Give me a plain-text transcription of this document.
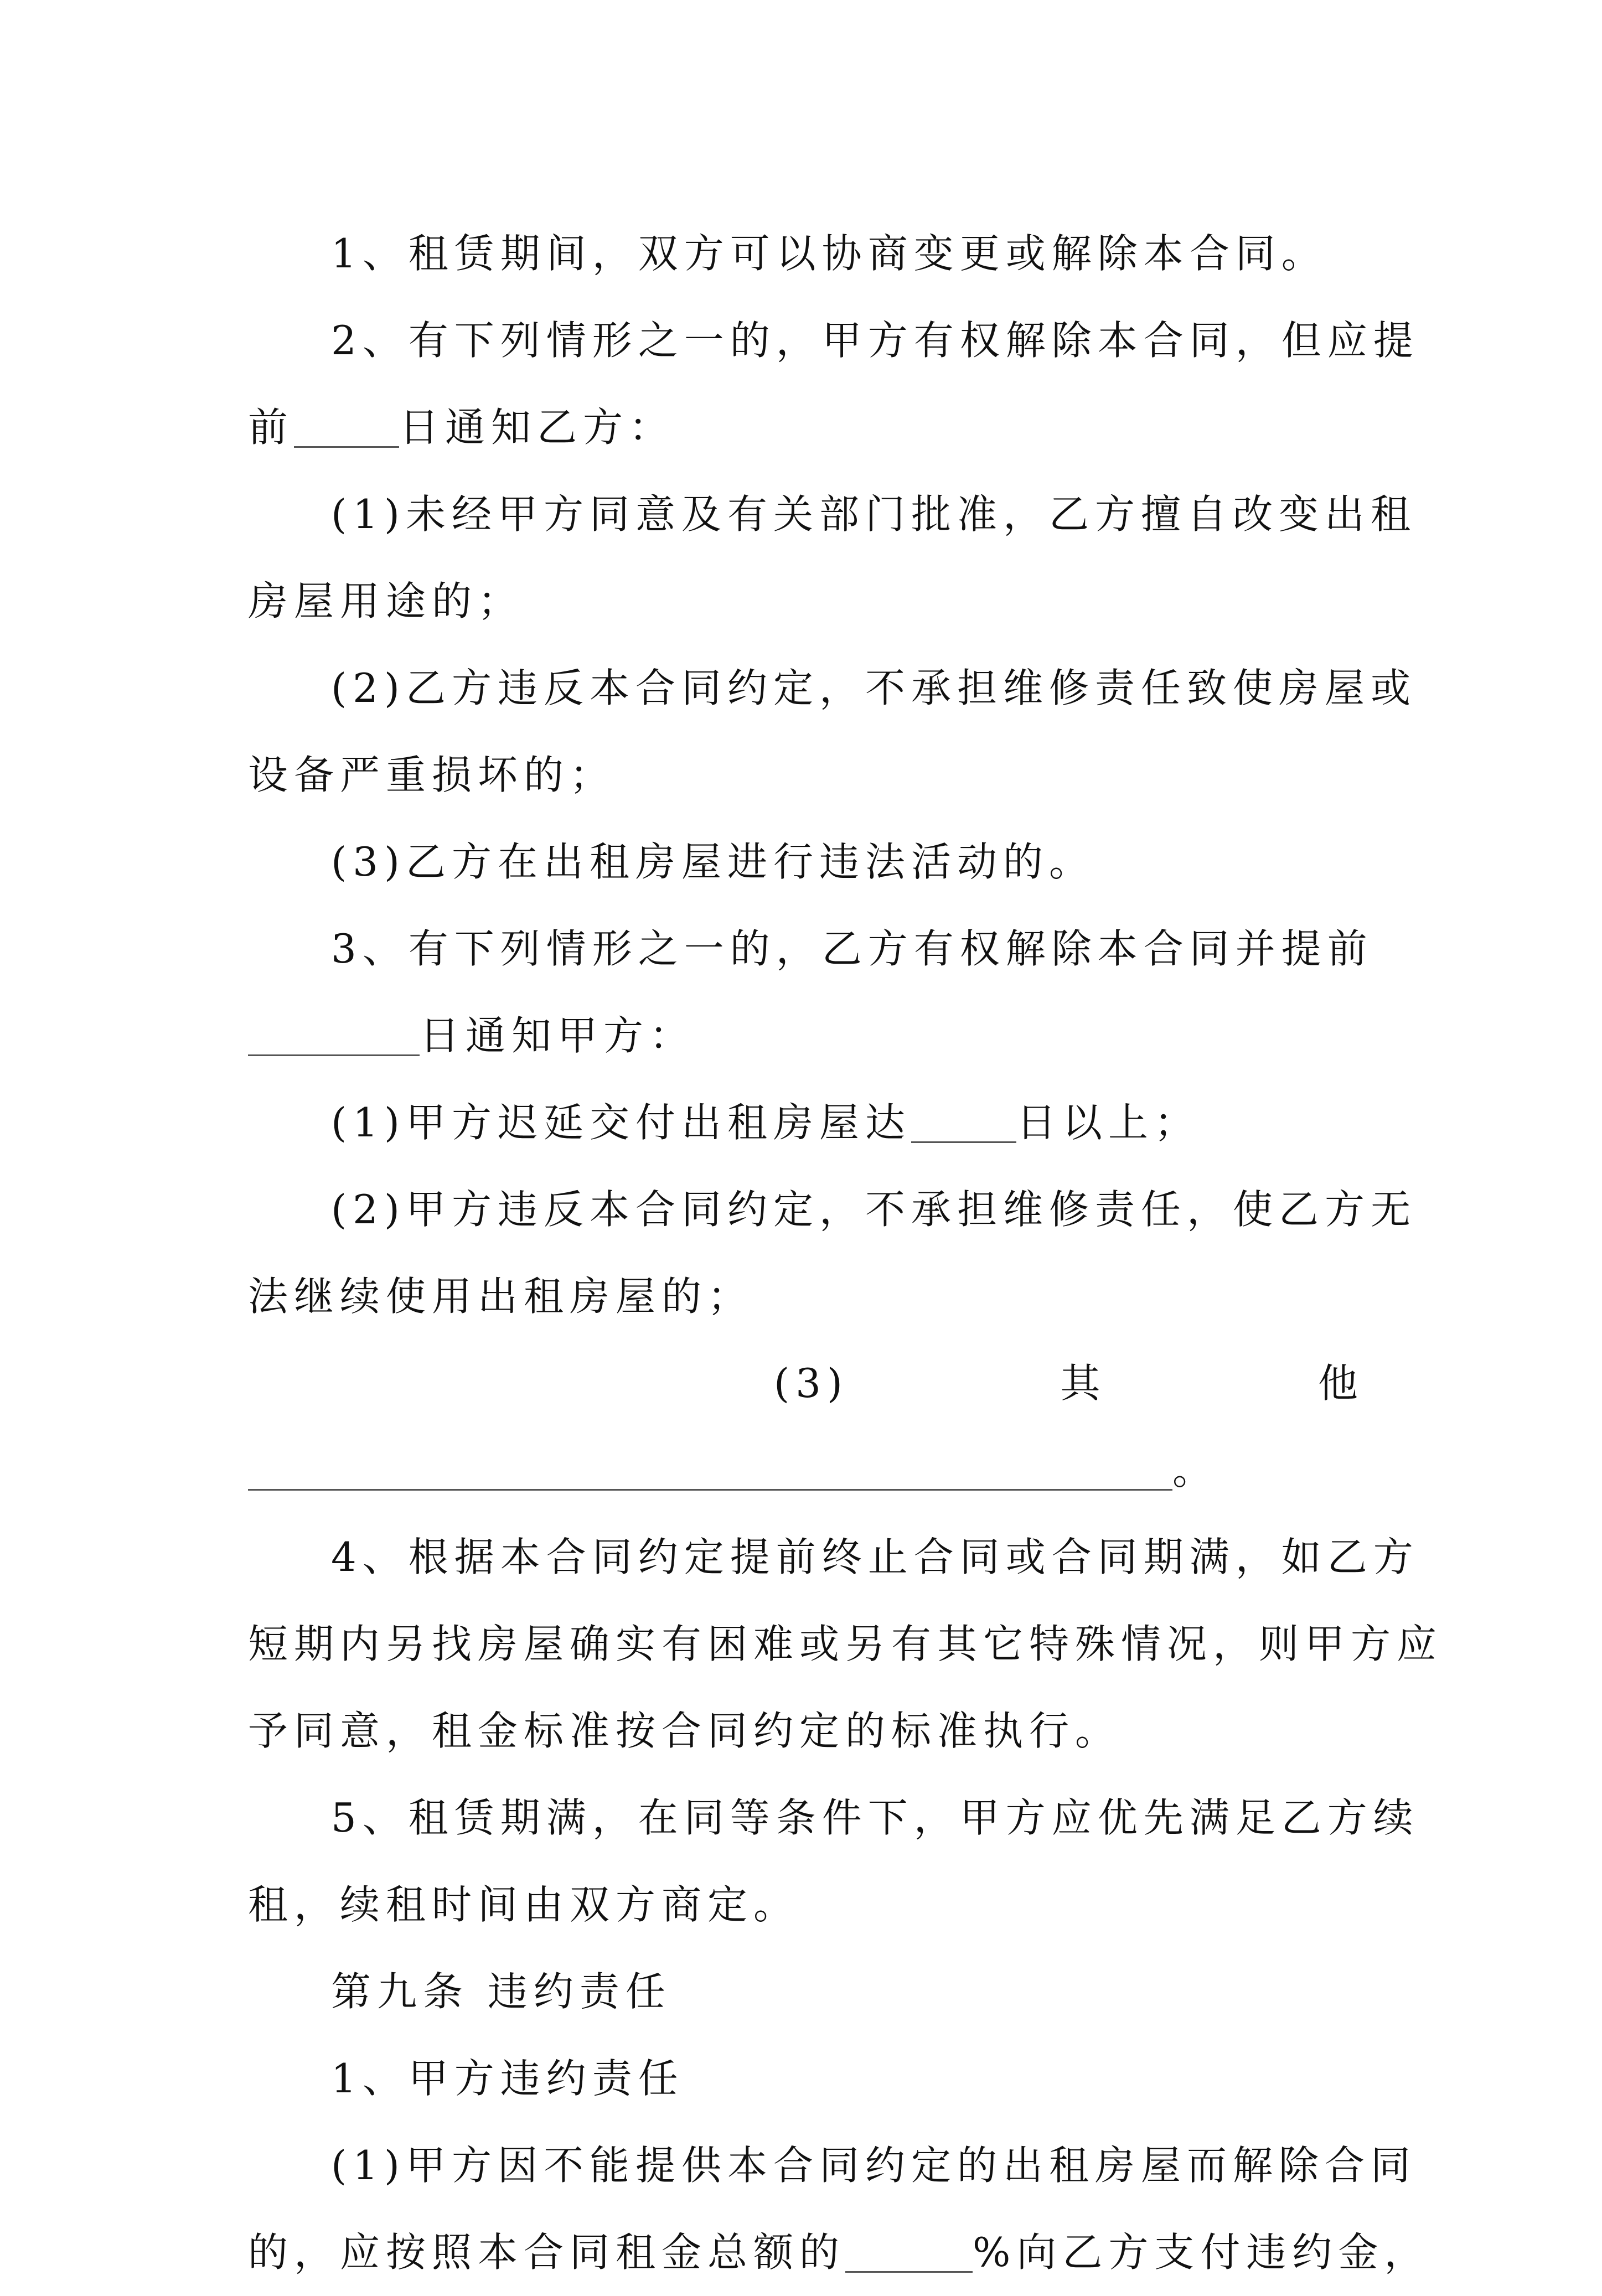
1、租赁期间，双方可以协商变更或解除本合同。
2、有下列情形之一的，甲方有权解除本合同，但应提
前	日通知乙方：
(1)未经甲方同意及有关部门批准，乙方擅自改变出租
房屋用途的；
(2)乙方违反本合同约定，不承担维修责任致使房屋或
设备严重损坏的；
(3)乙方在出租房屋进行违法活动的。
3、有下列情形之一的，乙方有权解除本合同并提前
日通知甲方：
(1)甲方迟延交付出租房屋达	日以上；
(2)甲方违反本合同约定，不承担维修责任，使乙方无
法继续使用出租房屋的；
(3)	其	他
。
4、根据本合同约定提前终止合同或合同期满，如乙方
短期内另找房屋确实有困难或另有其它特殊情况，则甲方应
予同意，租金标准按合同约定的标准执行。
5、租赁期满，在同等条件下，甲方应优先满足乙方续
租，续租时间由双方商定。
第九条 违约责任
1、甲方违约责任
(1)甲方因不能提供本合同约定的出租房屋而解除合同
的，应按照本合同租金总额的	%向乙方支付违约金，
